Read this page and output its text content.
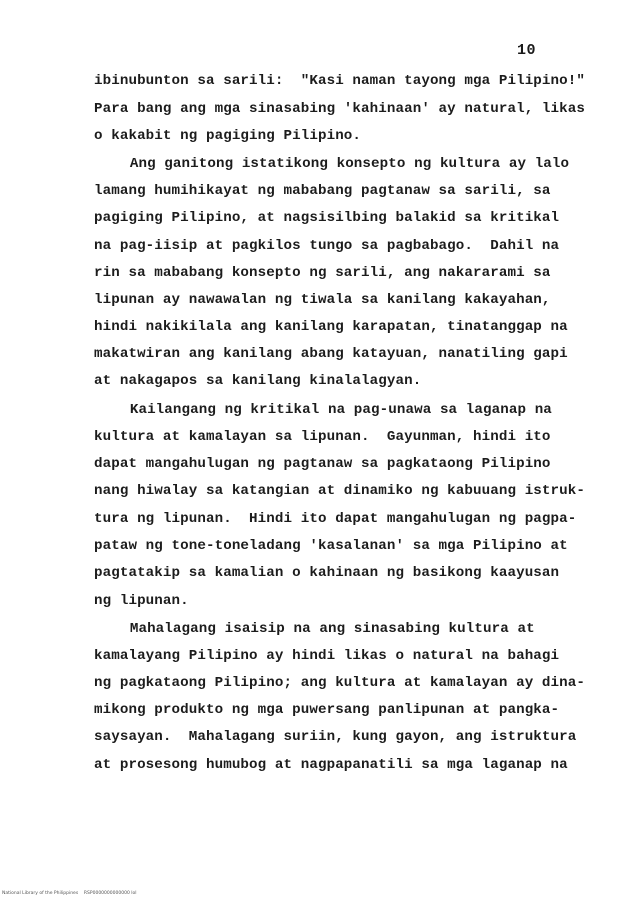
10
ibinubunton sa sarili:  "Kasi naman tayong mga Pilipino!"
Para bang ang mga sinasabing 'kahinaan' ay natural, likas
o kakabit ng pagiging Pilipino.
Ang ganitong istatikong konsepto ng kultura ay lalo
lamang humihikayat ng mababang pagtanaw sa sarili, sa
pagiging Pilipino, at nagsisilbing balakid sa kritikal
na pag-iisip at pagkilos tungo sa pagbabago.  Dahil na
rin sa mababang konsepto ng sarili, ang nakararami sa
lipunan ay nawawalan ng tiwala sa kanilang kakayahan,
hindi nakikilala ang kanilang karapatan, tinatanggap na
makatwiran ang kanilang abang katayuan, nanatiling gapi
at nakagapos sa kanilang kinalalagyan.
Kailangang ng kritikal na pag-unawa sa laganap na
kultura at kamalayan sa lipunan.  Gayunman, hindi ito
dapat mangahulugan ng pagtanaw sa pagkataong Pilipino
nang hiwalay sa katangian at dinamiko ng kabuuang istruk-
tura ng lipunan.  Hindi ito dapat mangahulugan ng pagpa-
pataw ng tone-toneladang 'kasalanan' sa mga Pilipino at
pagtatakip sa kamalian o kahinaan ng basikong kaayusan
ng lipunan.
Mahalagang isaisip na ang sinasabing kultura at
kamalayang Pilipino ay hindi likas o natural na bahagi
ng pagkataong Pilipino; ang kultura at kamalayan ay dina-
mikong produkto ng mga puwersang panlipunan at pangka-
saysayan.  Mahalagang suriin, kung gayon, ang istruktura
at prosesong humubog at nagpapanatili sa mga laganap na
National Library of the Philippines    RSP0000000000000 lol
